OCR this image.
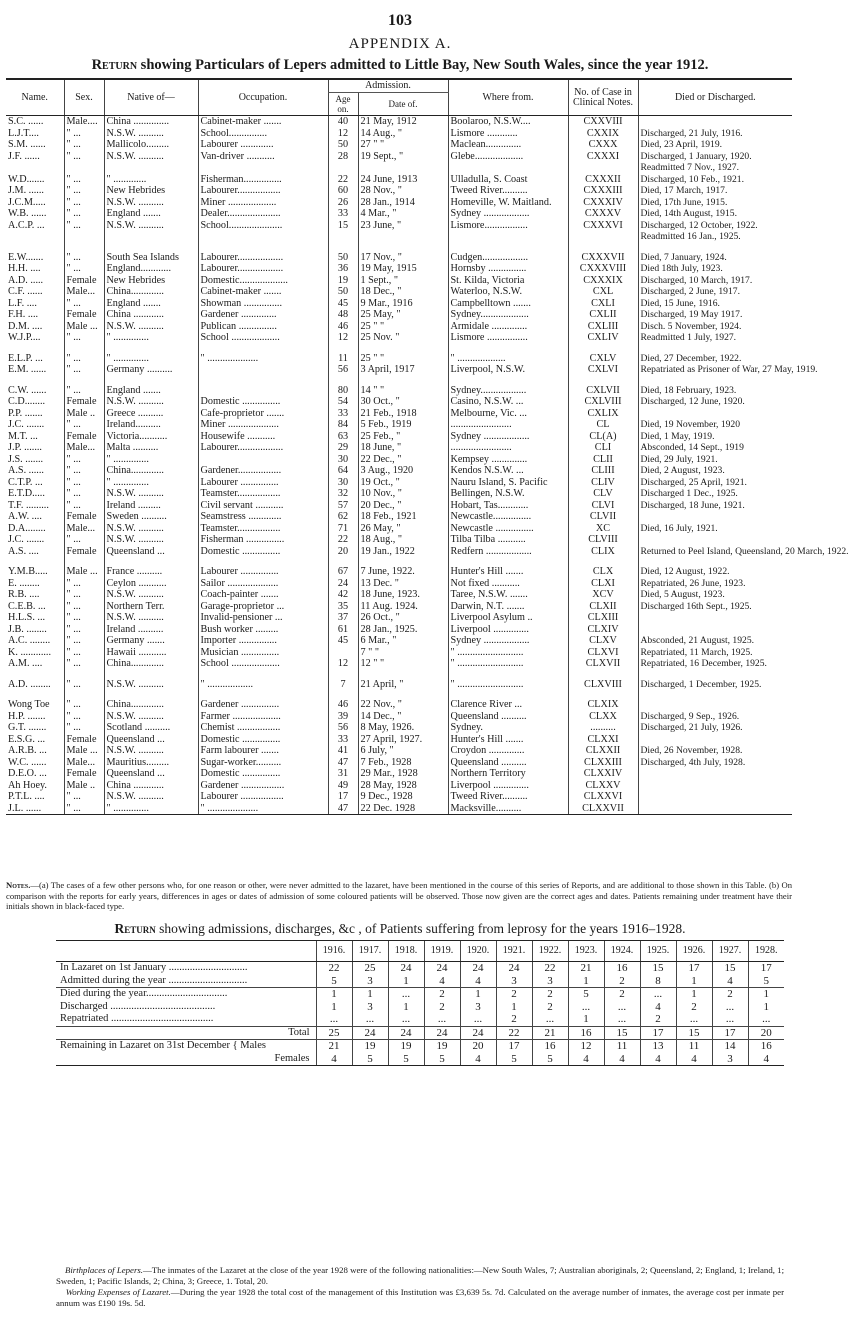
103
APPENDIX A.
Return showing Particulars of Lepers admitted to Little Bay, New South Wales, since the year 1912.
Name.	Sex.	Native of—	Occupation.	Admission.		Where from.	No. of Case in Clinical Notes.	Died or Discharged.
				Age on.	Date of.			
S.C. ......	Male....	China ..............	Cabinet-maker .......	40	21 May, 1912	Boolaroo, N.S.W....	CXXVIII	
L.J.T....	" ...	N.S.W. ..........	School...............	12	14 Aug., "	Lismore ............	CXXIX	Discharged, 21 July, 1916.
S.M. ......	" ...	Mallicolo.........	Labourer .............	50	27 " "	Maclean..............	CXXX	Died, 23 April, 1919.
J.F. ......	" ...	N.S.W. ..........	Van-driver ...........	28	19 Sept., "	Glebe...................	CXXXI	Discharged, 1 January, 1920.
								Readmitted 7 Nov., 1927.
W.D.......	" ...	" .............	Fisherman...............	22	24 June, 1913	Ulladulla, S. Coast	CXXXII	Discharged, 10 Feb., 1921.
J.M. ......	" ...	New Hebrides	Labourer.................	60	28 Nov., "	Tweed River..........	CXXXIII	Died, 17 March, 1917.
J.C.M.....	" ...	N.S.W. ..........	Miner ...................	26	28 Jan., 1914	Homeville, W. Maitland.	CXXXIV	Died, 17th June, 1915.
W.B. ......	" ...	England .......	Dealer.....................	33	4 Mar., "	Sydney ..................	CXXXV	Died, 14th August, 1915.
A.C.P. ...	" ...	N.S.W. ..........	School.....................	15	23 June, "	Lismore.................	CXXXVI	Discharged, 12 October, 1922.
								Readmitted 16 Jan., 1925.

E.W.......	" ...	South Sea Islands	Labourer..................	50	17 Nov., "	Cudgen..................	CXXXVII	Died, 7 January, 1924.
H.H. ....	" ...	England............	Labourer..................	36	19 May, 1915	Hornsby ...............	CXXXVIII	Died 18th July, 1923.
A.D. .....	Female	New Hebrides	Domestic...................	19	1 Sept., "	St. Kilda, Victoria	CXXXIX	Discharged, 10 March, 1917.
C.F. ......	Male...	China.............	Cabinet-maker .......	50	18 Dec., "	Waterloo, N.S.W.	CXL	Discharged, 2 June, 1917.
L.F. ....	" ...	England .......	Showman ...............	45	9 Mar., 1916	Campbelltown .......	CXLI	Died, 15 June, 1916.
F.H. ....	Female	China ............	Gardener ..............	48	25 May, "	Sydney...................	CXLII	Discharged, 19 May 1917.
D.M. ....	Male ...	N.S.W. ..........	Publican ...............	46	25 " "	Armidale ..............	CXLIII	Disch. 5 November, 1924.
W.J.P....	" ...	" ..............	School ...................	12	25 Nov. "	Lismore ................	CXLIV	Readmitted 1 July, 1927.

E.L.P. ...	" ...	" ..............	" ....................	11	25 " "	" ...................	CXLV	Died, 27 December, 1922.
E.M. ......	" ...	Germany ..........		56	3 April, 1917	Liverpool, N.S.W.	CXLVI	Repatriated as Prisoner of War, 27 May, 1919.

C.W. ......	" ...	England .......		80	14 " "	Sydney..................	CXLVII	Died, 18 February, 1923.
C.D........	Female	N.S.W. ..........	Domestic ...............	54	30 Oct., "	Casino, N.S.W. ...	CXLVIII	Discharged, 12 June, 1920.
P.P. .......	Male ..	Greece ..........	Cafe-proprietor .......	33	21 Feb., 1918	Melbourne, Vic. ...	CXLIX	
J.C. .......	" ...	Ireland..........	Miner ....................	84	5 Feb., 1919	........................	CL	Died, 19 November, 1920
M.T. ...	Female	Victoria...........	Housewife ...........	63	25 Feb., "	Sydney ..................	CL(A)	Died, 1 May, 1919.
J.P. .......	Male...	Malta ..........	Labourer..................	29	18 June, "	........................	CLI	Absconded, 14 Sept., 1919
J.S. .......	" ...	" ..............		30	22 Dec., "	Kempsey ..............	CLII	Died, 29 July, 1921.
A.S. ......	" ...	China.............	Gardener.................	64	3 Aug., 1920	Kendos N.S.W. ...	CLIII	Died, 2 August, 1923.
C.T.P. ...	" ...	" ..............	Labourer ...............	30	19 Oct., "	Nauru Island, S. Pacific	CLIV	Discharged, 25 April, 1921.
E.T.D.....	" ...	N.S.W. ..........	Teamster.................	32	10 Nov., "	Bellingen, N.S.W.	CLV	Discharged 1 Dec., 1925.
T.F. .........	" ...	Ireland .........	Civil servant ...........	57	20 Dec., "	Hobart, Tas............	CLVI	Discharged, 18 June, 1921.
A.W. ....	Female	Sweden ..........	Seamstress .............	62	18 Feb., 1921	Newcastle...............	CLVII	
D.A........	Male...	N.S.W. ..........	Teamster.................	71	26 May, "	Newcastle ...............	XC	Died, 16 July, 1921.
J.C. .......	" ...	N.S.W. ..........	Fisherman ...............	22	18 Aug., "	Tilba Tilba ...........	CLVIII	
A.S. ....	Female	Queensland ...	Domestic ...............	20	19 Jan., 1922	Redfern ..................	CLIX	Returned to Peel Island, Queensland, 20 March, 1922.

Y.M.B.....	Male ...	France ..........	Labourer ...............	67	7 June, 1922.	Hunter's Hill .......	CLX	Died, 12 August, 1922.
E. ........	" ...	Ceylon ...........	Sailor ....................	24	13 Dec. "	Not fixed ...........	CLXI	Repatriated, 26 June, 1923.
R.B. ....	" ...	N.S.W. ..........	Coach-painter .......	42	18 June, 1923.	Taree, N.S.W. .......	XCV	Died, 5 August, 1923.
C.E.B. ...	" ...	Northern Terr.	Garage-proprietor ...	35	11 Aug. 1924.	Darwin, N.T. .......	CLXII	Discharged 16th Sept., 1925.
H.L.S. ...	" ...	N.S.W. ..........	Invalid-pensioner ...	37	26 Oct., "	Liverpool Asylum ..	CLXIII	
J.B. ........	" ...	Ireland ..........	Bush worker .........	61	28 Jan., 1925.	Liverpool ..............	CLXIV	
A.C. ........	" ...	Germany .......	Importer ...............	45	6 Mar., "	Sydney ..................	CLXV	Absconded, 21 August, 1925.
K. ............	" ...	Hawaii ...........	Musician ...............		7 " "	" ..........................	CLXVI	Repatriated, 11 March, 1925.
A.M. ....	" ...	China.............	School ...................	12	12 " "	" ..........................	CLXVII	Repatriated, 16 December, 1925.

A.D. ........	" ...	N.S.W. ..........	" ..................	7	21 April, "	" ..........................	CLXVIII	Discharged, 1 December, 1925.

Wong Toe	" ...	China.............	Gardener ...............	46	22 Nov., "	Clarence River ...	CLXIX	
H.P. .......	" ...	N.S.W. ..........	Farmer ...................	39	14 Dec., "	Queensland ..........	CLXX	Discharged, 9 Sep., 1926.
G.T. .......	" ...	Scotland ..........	Chemist .................	56	8 May, 1926.	Sydney.	..........	Discharged, 21 July, 1926.
E.S.G. ...	Female	Queensland ...	Domestic ...............	33	27 April, 1927.	Hunter's Hill .......	CLXXI	
A.R.B. ...	Male ...	N.S.W. ..........	Farm labourer .......	41	6 July, "	Croydon ..............	CLXXII	Died, 26 November, 1928.
W.C. ......	Male...	Mauritius.........	Sugar-worker..........	47	7 Feb., 1928	Queensland ..........	CLXXIII	Discharged, 4th July, 1928.
D.E.O. ...	Female	Queensland ...	Domestic ...............	31	29 Mar., 1928	Northern Territory	CLXXIV	
Ah Hoey.	Male ..	China ............	Gardener .................	49	28 May, 1928	Liverpool ..............	CLXXV	
P.T.L. ....	" ...	N.S.W. ..........	Labourer .................	17	9 Dec., 1928	Tweed River..........	CLXXVI	
J.L. ......	" ...	" ..............	" ....................	47	22 Dec. 1928	Macksville..........	CLXXVII	
Notes.—(a) The cases of a few other persons who, for one reason or other, were never admitted to the lazaret, have been mentioned in the course of this series of Reports, and are additional to those shown in this Table. (b) On comparison with the reports for early years, differences in ages or dates of admission of some coloured patients will be observed. Those now given are the correct ages and dates. Patients remaining under treatment have their initials shown in black-faced type.
Return showing admissions, discharges, &c , of Patients suffering from leprosy for the years 1916–1928.
	1916.	1917.	1918.	1919.	1920.	1921.	1922.	1923.	1924.	1925.	1926.	1927.	1928.
In Lazaret on 1st January ..............................	22	25	24	24	24	24	22	21	16	15	17	15	17
Admitted during the year ..............................	5	3	1	4	4	3	3	1	2	8	1	4	5
Died during the year...............................	1	1	...	2	1	2	2	5	2	...	1	2	1
Discharged ........................................	1	3	1	2	3	1	2	...	...	4	2	...	1
Repatriated .......................................	...	...	...	...	...	2	...	1	...	2	...	...	...
Total	25	24	24	24	24	22	21	16	15	17	15	17	20
Remaining in Lazaret on 31st December { Males	21	19	19	19	20	17	16	12	11	13	11	14	16
Females	4	5	5	5	4	5	5	4	4	4	4	3	4
Birthplaces of Lepers.—The inmates of the Lazaret at the close of the year 1928 were of the following nationalities:—New South Wales, 7; Australian aboriginals, 2; Queensland, 2; England, 1; Ireland, 1; Sweden, 1; Pacific Islands, 2; China, 3; Greece, 1. Total, 20.
Working Expenses of Lazaret.—During the year 1928 the total cost of the management of this Institution was £3,639 5s. 7d. Calculated on the average number of inmates, the average cost per inmate per annum was £190 19s. 5d.
